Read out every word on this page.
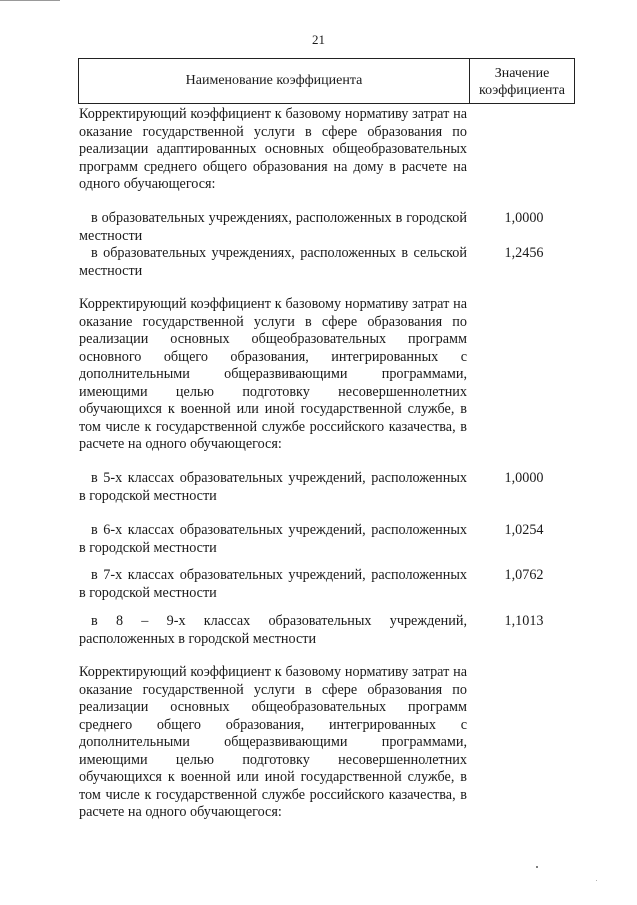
21
Наименование коэффициента	Значение
коэффициента
Корректирующий коэффициент к базовому нормативу затрат на оказание государственной услуги в сфере образования по реализации адаптированных основных общеобразовательных программ среднего общего образования на дому в расчете на одного обучающегося:
в образовательных учреждениях, расположенных в городской местности
1,0000
в образовательных учреждениях, расположенных в сельской местности
1,2456
Корректирующий коэффициент к базовому нормативу затрат на оказание государственной услуги в сфере образования по реализации основных общеобразовательных программ основного общего образования, интегрированных с дополнительными общеразвивающими программами, имеющими целью подготовку несовершеннолетних обучающихся к военной или иной государственной службе, в том числе к государственной службе российского казачества, в расчете на одного обучающегося:
в 5-х классах образовательных учреждений, расположенных в городской местности
1,0000
в 6-х классах образовательных учреждений, расположенных в городской местности
1,0254
в 7-х классах образовательных учреждений, расположенных в городской местности
1,0762
в 8 – 9-х классах образовательных учреждений, расположенных в городской местности
1,1013
Корректирующий коэффициент к базовому нормативу затрат на оказание государственной услуги в сфере образования по реализации основных общеобразовательных программ среднего общего образования, интегрированных с дополнительными общеразвивающими программами, имеющими целью подготовку несовершеннолетних обучающихся к военной или иной государственной службе, в том числе к государственной службе российского казачества, в расчете на одного обучающегося:
